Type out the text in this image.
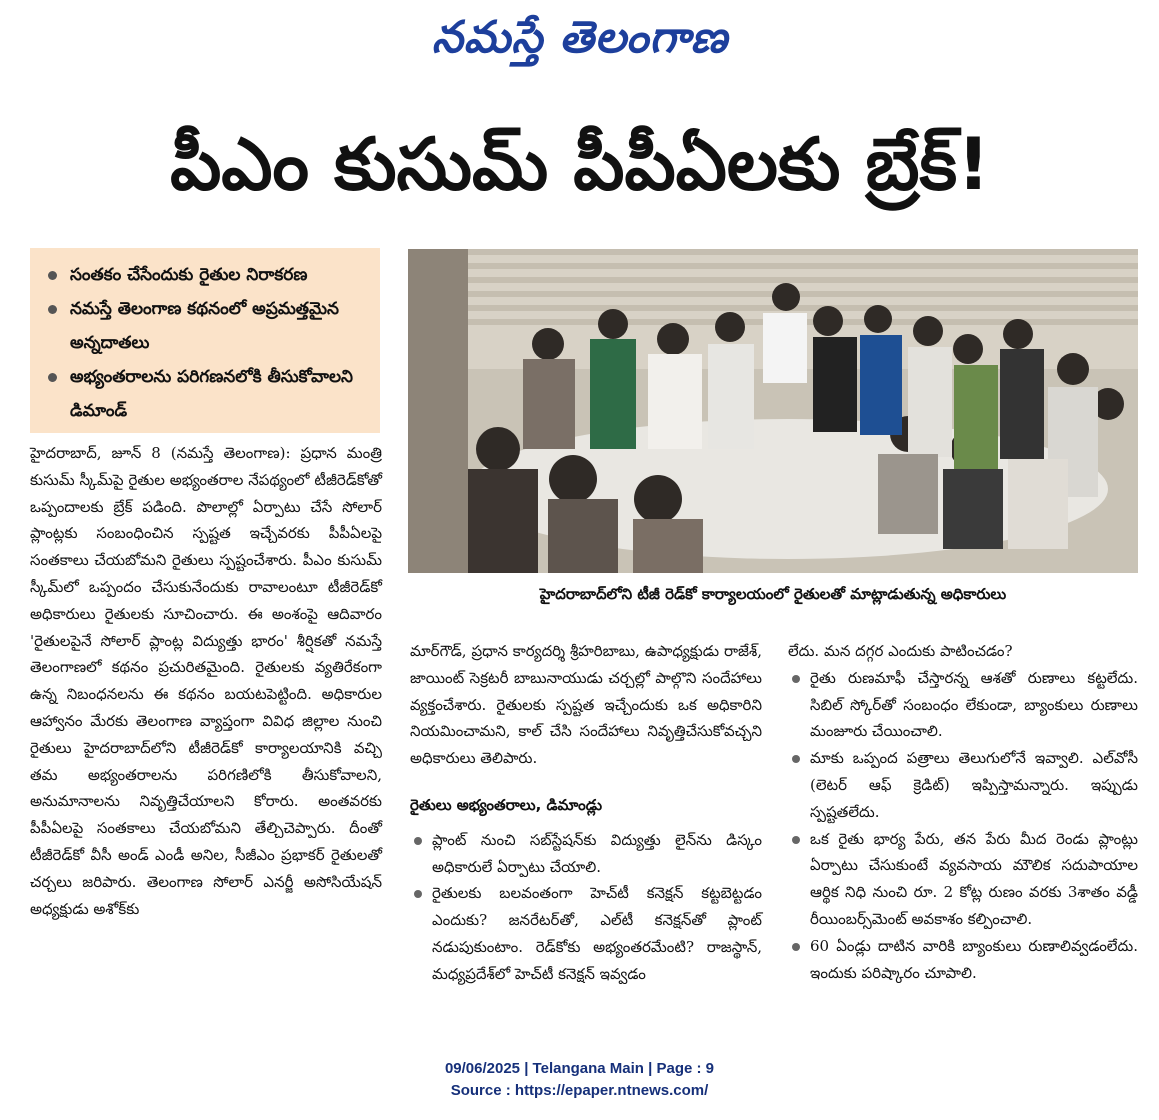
నమస్తే తెలంగాణ
పీఎం కుసుమ్‌ పీపీఏలకు బ్రేక్‌!
సంతకం చేసేందుకు రైతుల నిరాకరణ
నమస్తే తెలంగాణ కథనంలో అప్రమత్తమైన అన్నదాతలు
అభ్యంతరాలను పరిగణనలోకి తీసుకోవాలని డిమాండ్‌
హైదరాబాద్‌లోని టీజీ రెడ్‌కో కార్యాలయంలో రైతులతో మాట్లాడుతున్న అధికారులు

హైదరాబాద్‌, జూన్‌ 8 (నమస్తే తెలంగాణ): ప్రధాన మంత్రి కుసుమ్‌ స్కీమ్‌పై రైతుల అభ్యంతరాల నేపథ్యంలో టీజీరెడ్‌కోతో ఒప్పందాలకు బ్రేక్‌ పడింది. పొలాల్లో ఏర్పాటు చేసే సోలార్‌ ప్లాంట్లకు సంబంధించిన స్పష్టత ఇచ్చేవరకు పీపీఏలపై సంతకాలు చేయబోమని రైతులు స్పష్టంచేశారు. పీఎం కుసుమ్‌ స్కీమ్‌లో ఒప్పందం చేసుకునేందుకు రావాలంటూ టీజీరెడ్‌కో అధికారులు రైతులకు సూచించారు. ఈ అంశంపై ఆదివారం 'రైతులపైనే సోలార్‌ ప్లాంట్ల విద్యుత్తు భారం' శీర్షికతో నమస్తే తెలంగాణలో కథనం ప్రచురితమైంది. రైతులకు వ్యతిరేకంగా ఉన్న నిబంధనలను ఈ కథనం బయటపెట్టింది. అధికారుల ఆహ్వానం మేరకు తెలంగాణ వ్యాప్తంగా వివిధ జిల్లాల నుంచి రైతులు హైదరాబాద్‌లోని టీజీరెడ్‌కో కార్యాలయానికి వచ్చి తమ అభ్యంతరాలను పరిగణిలోకి తీసుకోవాలని, అనుమానాలను నివృత్తిచేయాలని కోరారు. అంతవరకు పీపీఏలపై సంతకాలు చేయబోమని తేల్చిచెప్పారు. దీంతో టీజీరెడ్‌కో వీసీ అండ్‌ ఎండీ అనిల, సీజీఎం ప్రభాకర్‌ రైతులతో చర్చలు జరిపారు. తెలంగాణ సోలార్‌ ఎనర్జీ అసోసియేషన్‌ అధ్యక్షుడు అశోక్‌కు

మార్‌గౌడ్‌, ప్రధాన కార్యదర్శి శ్రీహరిబాబు, ఉపాధ్యక్షుడు రాజేశ్‌, జాయింట్‌ సెక్రటరీ బాబునాయుడు చర్చల్లో పాల్గొని సందేహాలు వ్యక్తంచేశారు. రైతులకు స్పష్టత ఇచ్చేందుకు ఒక అధికారిని నియమించామని, కాల్‌ చేసి సందేహాలు నివృత్తిచేసుకోవచ్చని అధికారులు తెలిపారు.

రైతులు అభ్యంతరాలు, డిమాండ్లు
ప్లాంట్‌ నుంచి సబ్‌స్టేషన్‌కు విద్యుత్తు లైన్‌ను డిస్కం అధికారులే ఏర్పాటు చేయాలి.
రైతులకు బలవంతంగా హెచ్‌టీ కనెక్షన్‌ కట్టబెట్టడం ఎందుకు? జనరేటర్‌తో, ఎల్‌టీ కనెక్షన్‌తో ప్లాంట్‌ నడుపుకుంటాం. రెడ్‌కోకు అభ్యంతరమేంటి? రాజస్థాన్‌, మధ్యప్రదేశ్‌లో హెచ్‌టీ కనెక్షన్‌ ఇవ్వడం

లేదు. మన దగ్గర ఎందుకు పాటించడం?

రైతు రుణమాఫీ చేస్తారన్న ఆశతో రుణాలు కట్టలేదు. సిబిల్‌ స్కోర్‌తో సంబంధం లేకుండా, బ్యాంకులు రుణాలు మంజూరు చేయించాలి.
మాకు ఒప్పంద పత్రాలు తెలుగులోనే ఇవ్వాలి. ఎల్‌వోసీ (లెటర్‌ ఆఫ్‌ క్రెడిట్‌) ఇప్పిస్తామన్నారు. ఇప్పుడు స్పష్టతలేదు.
ఒక రైతు భార్య పేరు, తన పేరు మీద రెండు ప్లాంట్లు ఏర్పాటు చేసుకుంటే వ్యవసాయ మౌలిక సదుపాయాల ఆర్థిక నిధి నుంచి రూ. 2 కోట్ల రుణం వరకు 3శాతం వడ్డీ రీయింబర్స్‌మెంట్‌ అవకాశం కల్పించాలి.
60 ఏండ్లు దాటిన వారికి బ్యాంకులు రుణాలివ్వడంలేదు. ఇందుకు పరిష్కారం చూపాలి.
09/06/2025 | Telangana Main | Page : 9
Source : https://epaper.ntnews.com/
